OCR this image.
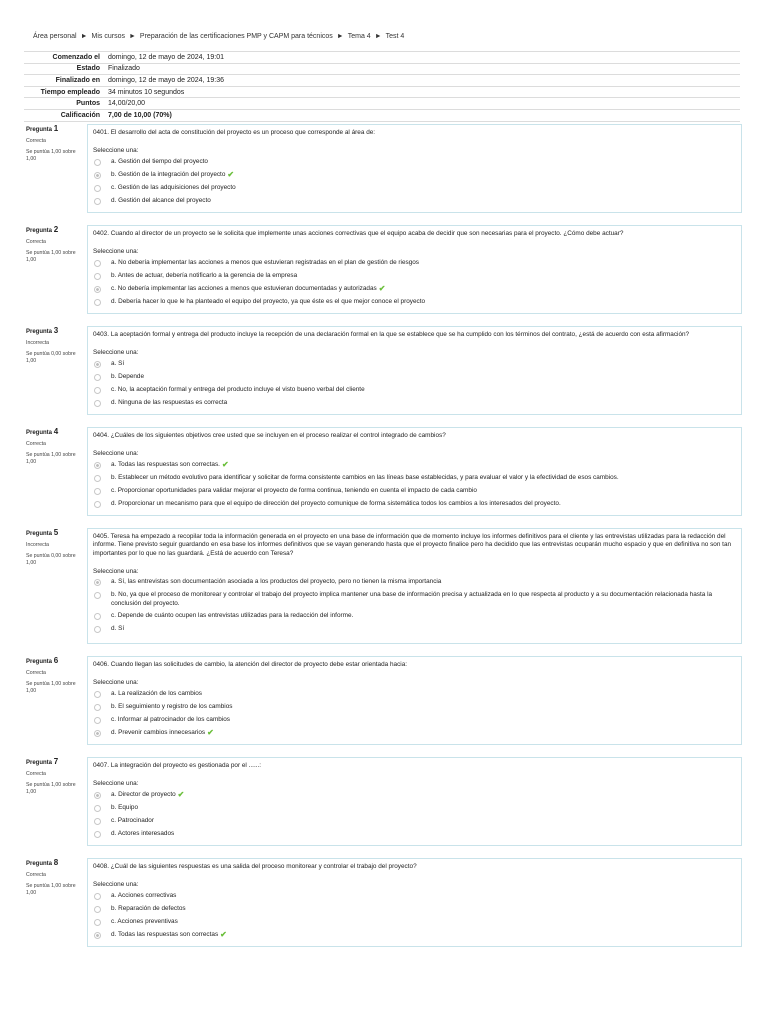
Área personal ► Mis cursos ► Preparación de las certificaciones PMP y CAPM para técnicos ► Tema 4 ► Test 4
Comenzado el	domingo, 12 de mayo de 2024, 19:01
Estado	Finalizado
Finalizado en	domingo, 12 de mayo de 2024, 19:36
Tiempo empleado	34 minutos 10 segundos
Puntos	14,00/20,00
Calificación	7,00 de 10,00 (70%)
Pregunta 1
Correcta
Se puntúa 1,00 sobre 1,00
0401. El desarrollo del acta de constitución del proyecto es un proceso que corresponde al área de:
Seleccione una:
a. Gestión del tiempo del proyecto
b. Gestión de la integración del proyecto ✔
c. Gestión de las adquisiciones del proyecto
d. Gestión del alcance del proyecto
Pregunta 2
Correcta
Se puntúa 1,00 sobre 1,00
0402. Cuando al director de un proyecto se le solicita que implemente unas acciones correctivas que el equipo acaba de decidir que son necesarias para el proyecto. ¿Cómo debe actuar?
Seleccione una:
a. No debería implementar las acciones a menos que estuvieran registradas en el plan de gestión de riesgos
b. Antes de actuar, debería notificarlo a la gerencia de la empresa
c. No debería implementar las acciones a menos que estuvieran documentadas y autorizadas ✔
d. Debería hacer lo que le ha planteado el equipo del proyecto, ya que éste es el que mejor conoce el proyecto
Pregunta 3
Incorrecta
Se puntúa 0,00 sobre 1,00
0403. La aceptación formal y entrega del producto incluye la recepción de una declaración formal en la que se establece que se ha cumplido con los términos del contrato, ¿está de acuerdo con esta afirmación?
Seleccione una:
a. Sí
b. Depende
c. No, la aceptación formal y entrega del producto incluye el visto bueno verbal del cliente
d. Ninguna de las respuestas es correcta
Pregunta 4
Correcta
Se puntúa 1,00 sobre 1,00
0404. ¿Cuáles de los siguientes objetivos cree usted que se incluyen en el proceso realizar el control integrado de cambios?
Seleccione una:
a. Todas las respuestas son correctas. ✔
b. Establecer un método evolutivo para identificar y solicitar de forma consistente cambios en las líneas base establecidas, y para evaluar el valor y la efectividad de esos cambios.
c. Proporcionar oportunidades para validar mejorar el proyecto de forma continua, teniendo en cuenta el impacto de cada cambio
d. Proporcionar un mecanismo para que el equipo de dirección del proyecto comunique de forma sistemática todos los cambios a los interesados del proyecto.
Pregunta 5
Incorrecta
Se puntúa 0,00 sobre 1,00
0405. Teresa ha empezado a recopilar toda la información generada en el proyecto en una base de información que de momento incluye los informes definitivos para el cliente y las entrevistas utilizadas para la redacción del informe. Tiene previsto seguir guardando en esa base los informes definitivos que se vayan generando hasta que el proyecto finalice pero ha decidido que las entrevistas ocuparán mucho espacio y que en definitiva no son tan importantes por lo que no las guardará. ¿Está de acuerdo con Teresa?
Seleccione una:
a. Sí, las entrevistas son documentación asociada a los productos del proyecto, pero no tienen la misma importancia
b. No, ya que el proceso de monitorear y controlar el trabajo del proyecto implica mantener una base de información precisa y actualizada en lo que respecta al producto y a su documentación relacionada hasta la conclusión del proyecto.
c. Depende de cuánto ocupen las entrevistas utilizadas para la redacción del informe.
d. Sí
Pregunta 6
Correcta
Se puntúa 1,00 sobre 1,00
0406. Cuando llegan las solicitudes de cambio, la atención del director de proyecto debe estar orientada hacia:
Seleccione una:
a. La realización de los cambios
b. El seguimiento y registro de los cambios
c. Informar al patrocinador de los cambios
d. Prevenir cambios innecesarios ✔
Pregunta 7
Correcta
Se puntúa 1,00 sobre 1,00
0407. La integración del proyecto es gestionada por el ......:
Seleccione una:
a. Director de proyecto ✔
b. Equipo
c. Patrocinador
d. Actores interesados
Pregunta 8
Correcta
Se puntúa 1,00 sobre 1,00
0408. ¿Cuál de las siguientes respuestas es una salida del proceso monitorear y controlar el trabajo del proyecto?
Seleccione una:
a. Acciones correctivas
b. Reparación de defectos
c. Acciones preventivas
d. Todas las respuestas son correctas ✔
